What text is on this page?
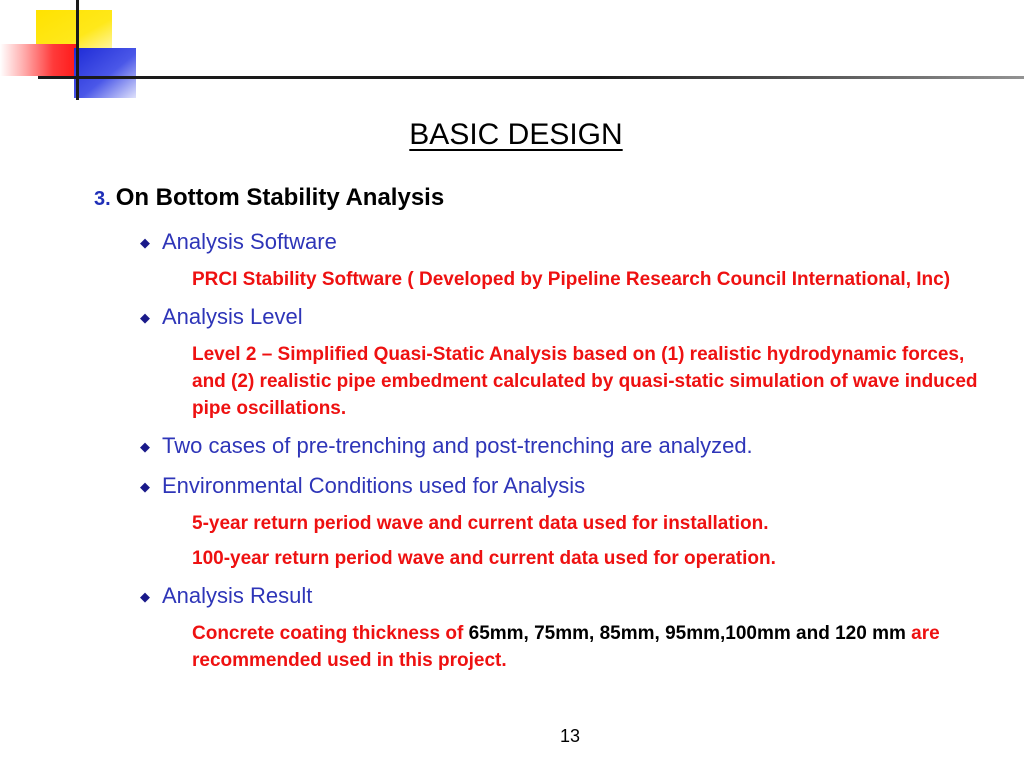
BASIC DESIGN
3. On Bottom Stability Analysis
◆ Analysis Software
PRCI Stability Software ( Developed by Pipeline Research Council International, Inc)
◆ Analysis Level
Level 2 – Simplified Quasi-Static Analysis based on (1) realistic hydrodynamic forces, and (2) realistic pipe embedment calculated by quasi-static simulation of wave induced pipe oscillations.
◆ Two cases of pre-trenching and post-trenching are analyzed.
◆ Environmental Conditions used for Analysis
5-year return period wave and current data used for installation.
100-year return period wave and current data used for operation.
◆ Analysis Result
Concrete coating thickness of 65mm, 75mm, 85mm, 95mm,100mm and 120 mm are recommended used in this project.
13
